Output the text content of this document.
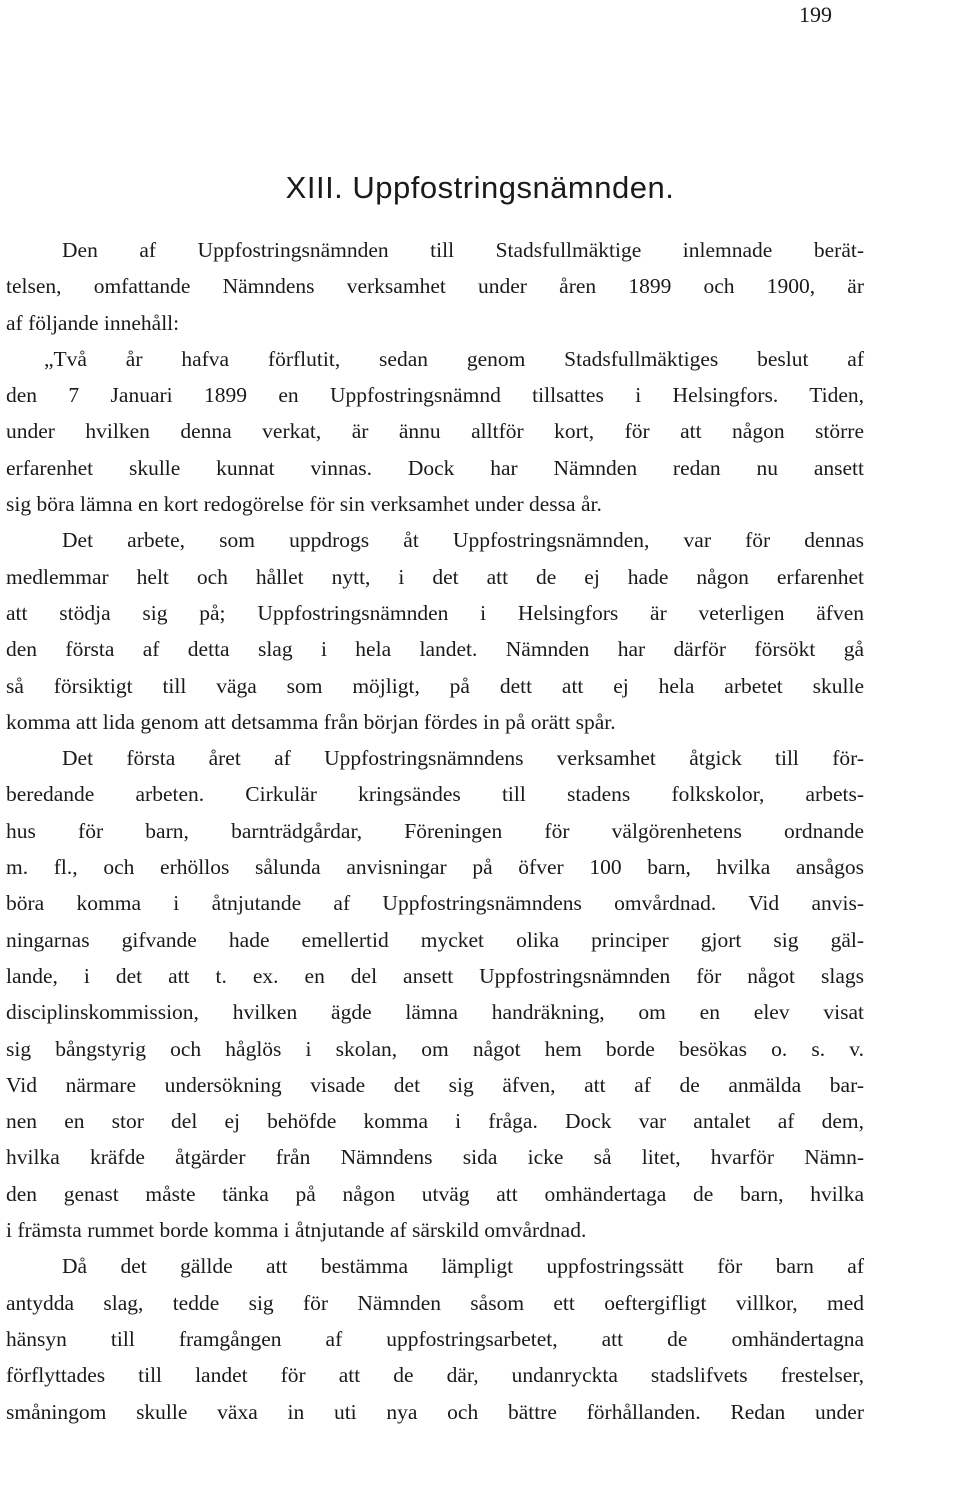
199
XIII. Uppfostringsnämnden.
Den af Uppfostringsnämnden till Stadsfullmäktige inlemnade berät-
telsen, omfattande Nämndens verksamhet under åren 1899 och 1900, är
af följande innehåll:
„Två år hafva förflutit, sedan genom Stadsfullmäktiges beslut af
den 7 Januari 1899 en Uppfostringsnämnd tillsattes i Helsingfors. Tiden,
under hvilken denna verkat, är ännu alltför kort, för att någon större
erfarenhet skulle kunnat vinnas. Dock har Nämnden redan nu ansett
sig böra lämna en kort redogörelse för sin verksamhet under dessa år.
Det arbete, som uppdrogs åt Uppfostringsnämnden, var för dennas
medlemmar helt och hållet nytt, i det att de ej hade någon erfarenhet
att stödja sig på; Uppfostringsnämnden i Helsingfors är veterligen äfven
den första af detta slag i hela landet. Nämnden har därför försökt gå
så försiktigt till väga som möjligt, på dett att ej hela arbetet skulle
komma att lida genom att detsamma från början fördes in på orätt spår.
Det första året af Uppfostringsnämndens verksamhet åtgick till för-
beredande arbeten. Cirkulär kringsändes till stadens folkskolor, arbets-
hus för barn, barnträdgårdar, Föreningen för välgörenhetens ordnande
m. fl., och erhöllos sålunda anvisningar på öfver 100 barn, hvilka ansågos
böra komma i åtnjutande af Uppfostringsnämndens omvårdnad. Vid anvis-
ningarnas gifvande hade emellertid mycket olika principer gjort sig gäl-
lande, i det att t. ex. en del ansett Uppfostringsnämnden för något slags
disciplinskommission, hvilken ägde lämna handräkning, om en elev visat
sig bångstyrig och håglös i skolan, om något hem borde besökas o. s. v.
Vid närmare undersökning visade det sig äfven, att af de anmälda bar-
nen en stor del ej behöfde komma i fråga. Dock var antalet af dem,
hvilka kräfde åtgärder från Nämndens sida icke så litet, hvarför Nämn-
den genast måste tänka på någon utväg att omhändertaga de barn, hvilka
i främsta rummet borde komma i åtnjutande af särskild omvårdnad.
Då det gällde att bestämma lämpligt uppfostringssätt för barn af
antydda slag, tedde sig för Nämnden såsom ett oeftergifligt villkor, med
hänsyn till framgången af uppfostringsarbetet, att de omhändertagna
förflyttades till landet för att de där, undanryckta stadslifvets frestelser,
småningom skulle växa in uti nya och bättre förhållanden. Redan under
